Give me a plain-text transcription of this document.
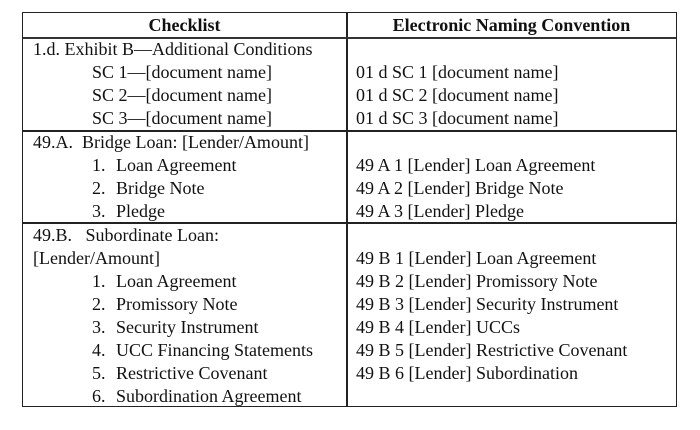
Checklist	Electronic Naming Convention
1.d. Exhibit B—Additional Conditions
SC 1—[document name]
SC 2—[document name]
SC 3—[document name]
01 d SC 1 [document name]
01 d SC 2 [document name]
01 d SC 3 [document name]
49.A.  Bridge Loan: [Lender/Amount]
1. Loan Agreement
2. Bridge Note
3. Pledge
49 A 1 [Lender] Loan Agreement
49 A 2 [Lender] Bridge Note
49 A 3 [Lender] Pledge
49.B.   Subordinate Loan:
[Lender/Amount]
1. Loan Agreement
2. Promissory Note
3. Security Instrument
4. UCC Financing Statements
5. Restrictive Covenant
6. Subordination Agreement
49 B 1 [Lender] Loan Agreement
49 B 2 [Lender] Promissory Note
49 B 3 [Lender] Security Instrument
49 B 4 [Lender] UCCs
49 B 5 [Lender] Restrictive Covenant
49 B 6 [Lender] Subordination
